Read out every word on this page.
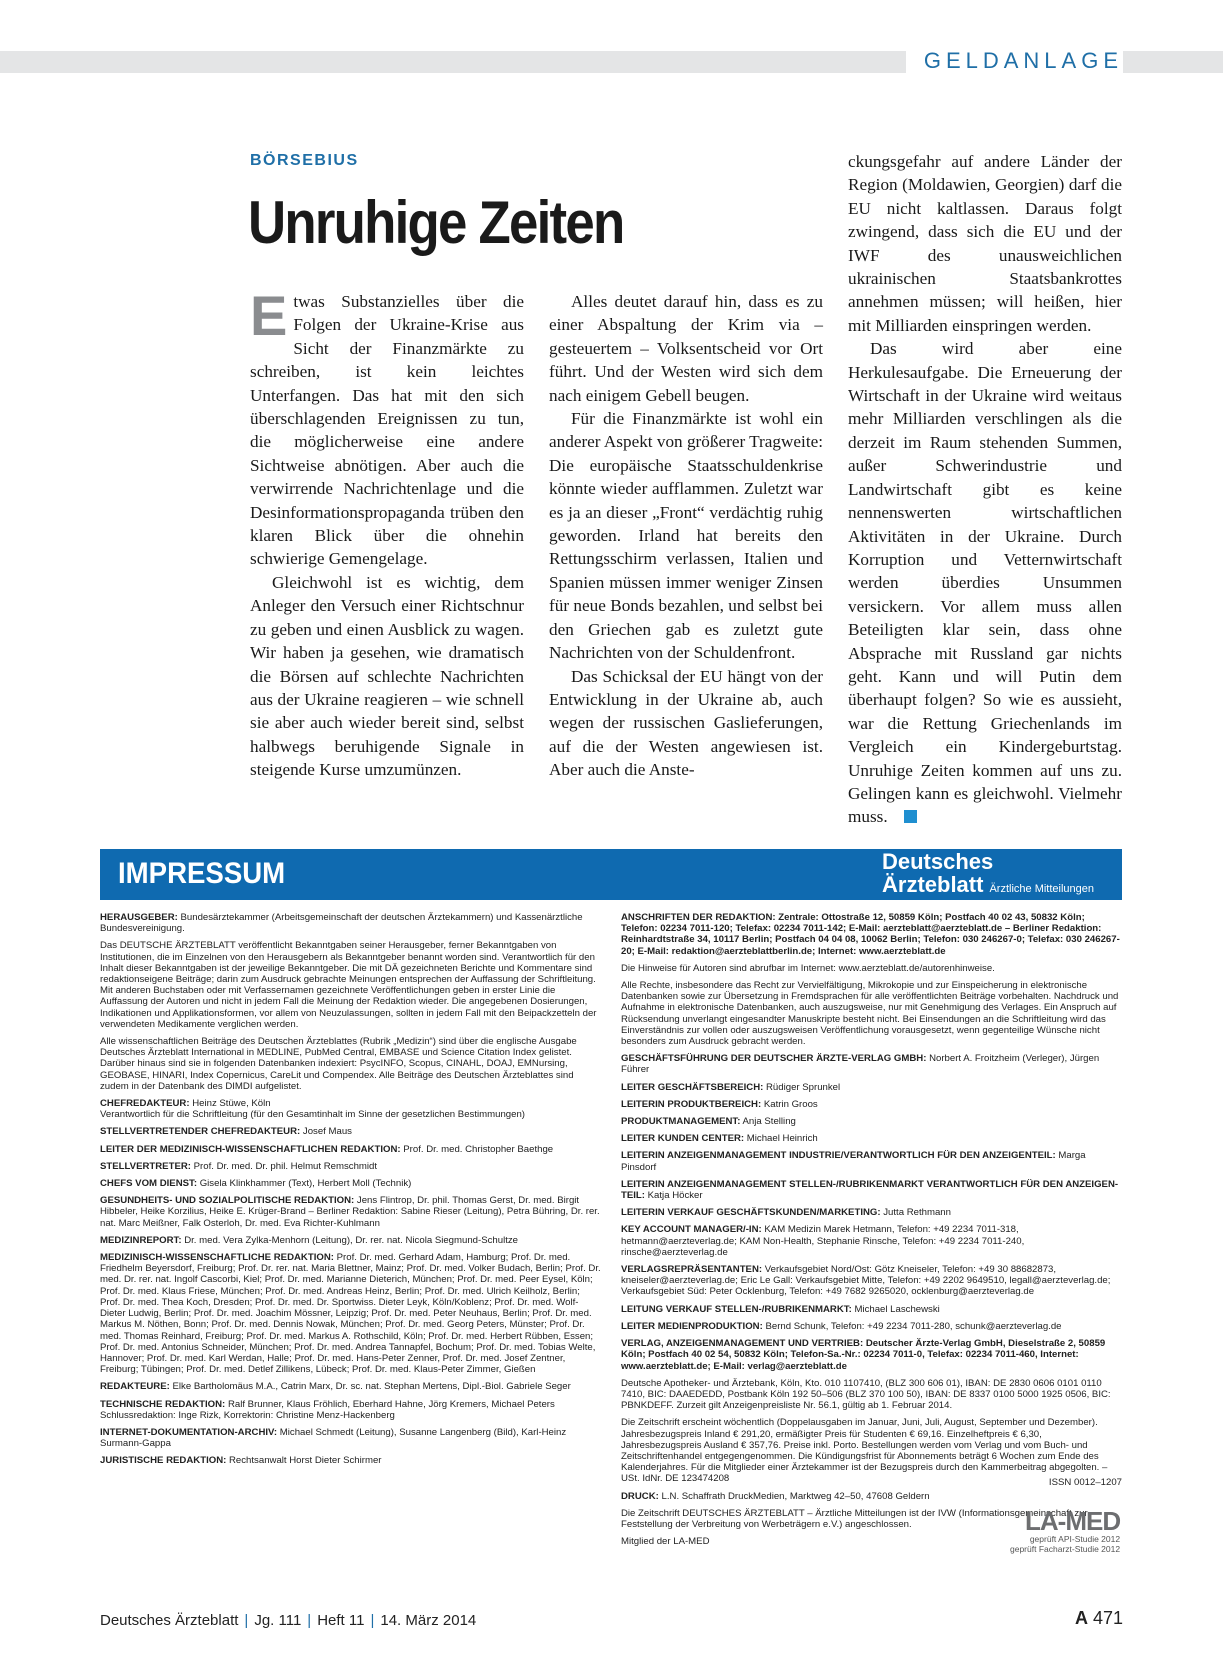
GELDANLAGE
BÖRSEBIUS
Unruhige Zeiten

Etwas Substanzielles über die Folgen der Ukraine-Krise aus Sicht der Finanzmärkte zu schreiben, ist kein leichtes Unterfangen. Das hat mit den sich überschlagenden Ereignissen zu tun, die möglicherweise eine andere Sichtweise abnötigen. Aber auch die verwirrende Nachrichtenlage und die Desinformationspropaganda trüben den klaren Blick über die ohnehin schwierige Gemengelage.

Gleichwohl ist es wichtig, dem Anleger den Versuch einer Richtschnur zu geben und einen Ausblick zu wagen. Wir haben ja gesehen, wie dramatisch die Börsen auf schlechte Nachrichten aus der Ukraine reagieren – wie schnell sie aber auch wieder bereit sind, selbst halbwegs beruhigende Signale in steigende Kurse umzumünzen.

Alles deutet darauf hin, dass es zu einer Abspaltung der Krim via – gesteuertem – Volksentscheid vor Ort führt. Und der Westen wird sich dem nach einigem Gebell beugen.

Für die Finanzmärkte ist wohl ein anderer Aspekt von größerer Tragweite: Die europäische Staatsschuldenkrise könnte wieder aufflammen. Zuletzt war es ja an dieser „Front“ verdächtig ruhig geworden. Irland hat bereits den Rettungsschirm verlassen, Italien und Spanien müssen immer weniger Zinsen für neue Bonds bezahlen, und selbst bei den Griechen gab es zuletzt gute Nachrichten von der Schuldenfront.

Das Schicksal der EU hängt von der Entwicklung in der Ukraine ab, auch wegen der russischen Gaslieferungen, auf die der Westen angewiesen ist. Aber auch die Anste-

ckungsgefahr auf andere Länder der Region (Moldawien, Georgien) darf die EU nicht kaltlassen. Daraus folgt zwingend, dass sich die EU und der IWF des unausweichlichen ukrainischen Staatsbankrottes annehmen müssen; will heißen, hier mit Milliarden einspringen werden.

Das wird aber eine Herkulesaufgabe. Die Erneuerung der Wirtschaft in der Ukraine wird weitaus mehr Milliarden verschlingen als die derzeit im Raum stehenden Summen, außer Schwerindustrie und Landwirtschaft gibt es keine nennenswerten wirtschaftlichen Aktivitäten in der Ukraine. Durch Korruption und Vetternwirtschaft werden überdies Unsummen versickern. Vor allem muss allen Beteiligten klar sein, dass ohne Absprache mit Russland gar nichts geht. Kann und will Putin dem überhaupt folgen? So wie es aussieht, war die Rettung Griechenlands im Vergleich ein Kindergeburtstag. Unruhige Zeiten kommen auf uns zu. Gelingen kann es gleichwohl. Vielmehr muss.

IMPRESSUM	Deutsches
Ärzteblatt Ärztliche Mitteilungen

HERAUSGEBER: Bundesärztekammer (Arbeitsgemeinschaft der deutschen Ärztekammern) und Kassenärztliche Bundesvereinigung.

Das DEUTSCHE ÄRZTEBLATT veröffentlicht Bekanntgaben seiner Herausgeber, ferner Bekanntgaben von Institutionen, die im Einzelnen von den Herausgebern als Bekanntgeber benannt worden sind. Verantwortlich für den Inhalt dieser Bekanntgaben ist der jeweilige Bekanntgeber. Die mit DÄ gezeichneten Berichte und Kommentare sind redaktionseigene Beiträge; darin zum Ausdruck gebrachte Meinungen entsprechen der Auffassung der Schriftleitung. Mit anderen Buchstaben oder mit Verfassernamen gezeichnete Veröffentlichungen geben in erster Linie die Auffassung der Autoren und nicht in jedem Fall die Meinung der Redaktion wieder. Die angegebenen Dosierungen, Indikationen und Applikationsformen, vor allem von Neuzulassungen, sollten in jedem Fall mit den Beipackzetteln der verwendeten Medikamente verglichen werden.

Alle wissenschaftlichen Beiträge des Deutschen Ärzteblattes (Rubrik „Medizin“) sind über die englische Ausgabe Deutsches Ärzteblatt International in MEDLINE, PubMed Central, EMBASE und Science Citation Index gelistet. Darüber hinaus sind sie in folgenden Datenbanken indexiert: PsycINFO, Scopus, CINAHL, DOAJ, EMNursing, GEOBASE, HINARI, Index Copernicus, CareLit und Compendex. Alle Beiträge des Deutschen Ärzteblattes sind zudem in der Datenbank des DIMDI aufgelistet.

CHEFREDAKTEUR: Heinz Stüwe, Köln
Verantwortlich für die Schriftleitung (für den Gesamtinhalt im Sinne der gesetzlichen Bestimmungen)

STELLVERTRETENDER CHEFREDAKTEUR: Josef Maus

LEITER DER MEDIZINISCH-WISSENSCHAFTLICHEN REDAKTION: Prof. Dr. med. Christopher Baethge

STELLVERTRETER: Prof. Dr. med. Dr. phil. Helmut Remschmidt

CHEFS VOM DIENST: Gisela Klinkhammer (Text), Herbert Moll (Technik)

GESUNDHEITS- UND SOZIALPOLITISCHE REDAKTION: Jens Flintrop, Dr. phil. Thomas Gerst, Dr. med. Birgit Hibbeler, Heike Korzilius, Heike E. Krüger-Brand – Berliner Redaktion: Sabine Rieser (Leitung), Petra Bühring, Dr. rer. nat. Marc Meißner, Falk Osterloh, Dr. med. Eva Richter-Kuhlmann

MEDIZINREPORT: Dr. med. Vera Zylka-Menhorn (Leitung), Dr. rer. nat. Nicola Siegmund-Schultze

MEDIZINISCH-WISSENSCHAFTLICHE REDAKTION: Prof. Dr. med. Gerhard Adam, Hamburg; Prof. Dr. med. Friedhelm Beyersdorf, Freiburg; Prof. Dr. rer. nat. Maria Blettner, Mainz; Prof. Dr. med. Volker Budach, Berlin; Prof. Dr. med. Dr. rer. nat. Ingolf Cascorbi, Kiel; Prof. Dr. med. Marianne Dieterich, München; Prof. Dr. med. Peer Eysel, Köln; Prof. Dr. med. Klaus Friese, München; Prof. Dr. med. Andreas Heinz, Berlin; Prof. Dr. med. Ulrich Keilholz, Berlin; Prof. Dr. med. Thea Koch, Dresden; Prof. Dr. med. Dr. Sportwiss. Dieter Leyk, Köln/Koblenz; Prof. Dr. med. Wolf-Dieter Ludwig, Berlin; Prof. Dr. med. Joachim Mössner, Leipzig; Prof. Dr. med. Peter Neuhaus, Berlin; Prof. Dr. med. Markus M. Nöthen, Bonn; Prof. Dr. med. Dennis Nowak, München; Prof. Dr. med. Georg Peters, Münster; Prof. Dr. med. Thomas Reinhard, Freiburg; Prof. Dr. med. Markus A. Rothschild, Köln; Prof. Dr. med. Herbert Rübben, Essen; Prof. Dr. med. Antonius Schneider, München; Prof. Dr. med. Andrea Tannapfel, Bochum; Prof. Dr. med. Tobias Welte, Hannover; Prof. Dr. med. Karl Werdan, Halle; Prof. Dr. med. Hans-Peter Zenner, Prof. Dr. med. Josef Zentner, Freiburg; Tübingen; Prof. Dr. med. Detlef Zillikens, Lübeck; Prof. Dr. med. Klaus-Peter Zimmer, Gießen

REDAKTEURE: Elke Bartholomäus M.A., Catrin Marx, Dr. sc. nat. Stephan Mertens, Dipl.-Biol. Gabriele Seger

TECHNISCHE REDAKTION: Ralf Brunner, Klaus Fröhlich, Eberhard Hahne, Jörg Kremers, Michael Peters
Schlussredaktion: Inge Rizk, Korrektorin: Christine Menz-Hackenberg

INTERNET-DOKUMENTATION-ARCHIV: Michael Schmedt (Leitung), Susanne Langenberg (Bild), Karl-Heinz Surmann-Gappa

JURISTISCHE REDAKTION: Rechtsanwalt Horst Dieter Schirmer

ANSCHRIFTEN DER REDAKTION: Zentrale: Ottostraße 12, 50859 Köln; Postfach 40 02 43, 50832 Köln; Telefon: 02234 7011-120; Telefax: 02234 7011-142; E-Mail: aerzteblatt@aerzteblatt.de – Berliner Redaktion: Reinhardtstraße 34, 10117 Berlin; Postfach 04 04 08, 10062 Berlin; Telefon: 030 246267-0; Telefax: 030 246267-20; E-Mail: redaktion@aerzteblattberlin.de; Internet: www.aerzteblatt.de

Die Hinweise für Autoren sind abrufbar im Internet: www.aerzteblatt.de/autorenhinweise.

Alle Rechte, insbesondere das Recht zur Vervielfältigung, Mikrokopie und zur Einspeicherung in elektronische Datenbanken sowie zur Übersetzung in Fremdsprachen für alle veröffentlichten Beiträge vorbehalten. Nachdruck und Aufnahme in elektronische Datenbanken, auch auszugsweise, nur mit Genehmigung des Verlages. Ein Anspruch auf Rücksendung unverlangt eingesandter Manuskripte besteht nicht. Bei Einsendungen an die Schriftleitung wird das Einverständnis zur vollen oder auszugsweisen Veröffentlichung vorausgesetzt, wenn gegenteilige Wünsche nicht besonders zum Ausdruck gebracht werden.

GESCHÄFTSFÜHRUNG DER DEUTSCHER ÄRZTE-VERLAG GMBH: Norbert A. Froitzheim (Verleger), Jürgen Führer

LEITER GESCHÄFTSBEREICH: Rüdiger Sprunkel

LEITERIN PRODUKTBEREICH: Katrin Groos

PRODUKTMANAGEMENT: Anja Stelling

LEITER KUNDEN CENTER: Michael Heinrich

LEITERIN ANZEIGENMANAGEMENT INDUSTRIE/VERANTWORTLICH FÜR DEN ANZEIGENTEIL: Marga Pinsdorf

LEITERIN ANZEIGENMANAGEMENT STELLEN-/RUBRIKENMARKT VERANTWORTLICH FÜR DEN ANZEIGEN-TEIL: Katja Höcker

LEITERIN VERKAUF GESCHÄFTSKUNDEN/MARKETING: Jutta Rethmann

KEY ACCOUNT MANAGER/-IN: KAM Medizin Marek Hetmann, Telefon: +49 2234 7011-318, hetmann@aerzteverlag.de; KAM Non-Health, Stephanie Rinsche, Telefon: +49 2234 7011-240, rinsche@aerzteverlag.de

VERLAGSREPRÄSENTANTEN: Verkaufsgebiet Nord/Ost: Götz Kneiseler, Telefon: +49 30 88682873, kneiseler@aerzteverlag.de; Eric Le Gall: Verkaufsgebiet Mitte, Telefon: +49 2202 9649510, legall@aerzteverlag.de; Verkaufsgebiet Süd: Peter Ocklenburg, Telefon: +49 7682 9265020, ocklenburg@aerzteverlag.de

LEITUNG VERKAUF STELLEN-/RUBRIKENMARKT: Michael Laschewski

LEITER MEDIENPRODUKTION: Bernd Schunk, Telefon: +49 2234 7011-280, schunk@aerzteverlag.de

VERLAG, ANZEIGENMANAGEMENT UND VERTRIEB: Deutscher Ärzte-Verlag GmbH, Dieselstraße 2, 50859 Köln; Postfach 40 02 54, 50832 Köln; Telefon-Sa.-Nr.: 02234 7011-0, Telefax: 02234 7011-460, Internet: www.aerzteblatt.de; E-Mail: verlag@aerzteblatt.de

Deutsche Apotheker- und Ärztebank, Köln, Kto. 010 1107410, (BLZ 300 606 01), IBAN: DE 2830 0606 0101 0110 7410, BIC: DAAEDEDD, Postbank Köln 192 50–506 (BLZ 370 100 50), IBAN: DE 8337 0100 5000 1925 0506, BIC: PBNKDEFF. Zurzeit gilt Anzeigenpreisliste Nr. 56.1, gültig ab 1. Februar 2014.

Die Zeitschrift erscheint wöchentlich (Doppelausgaben im Januar, Juni, Juli, August, September und Dezember). Jahresbezugspreis Inland € 291,20, ermäßigter Preis für Studenten € 69,16. Einzelheftpreis € 6,30, Jahresbezugspreis Ausland € 357,76. Preise inkl. Porto. Bestellungen werden vom Verlag und vom Buch- und Zeitschriftenhandel entgegengenommen. Die Kündigungsfrist für Abonnements beträgt 6 Wochen zum Ende des Kalenderjahres. Für die Mitglieder einer Ärztekammer ist der Bezugspreis durch den Kammerbeitrag abgegolten. – USt. IdNr. DE 123474208

DRUCK: L.N. Schaffrath DruckMedien, Marktweg 42–50, 47608 Geldern

Die Zeitschrift DEUTSCHES ÄRZTEBLATT – Ärztliche Mitteilungen ist der IVW (Informationsgemeinschaft zur Feststellung der Verbreitung von Werbeträgern e.V.) angeschlossen.

Mitglied der LA-MED

ISSN 0012–1207
LA-MED
geprüft API-Studie 2012
geprüft Facharzt-Studie 2012
Deutsches Ärzteblatt | Jg. 111 | Heft 11 | 14. März 2014	A 471
